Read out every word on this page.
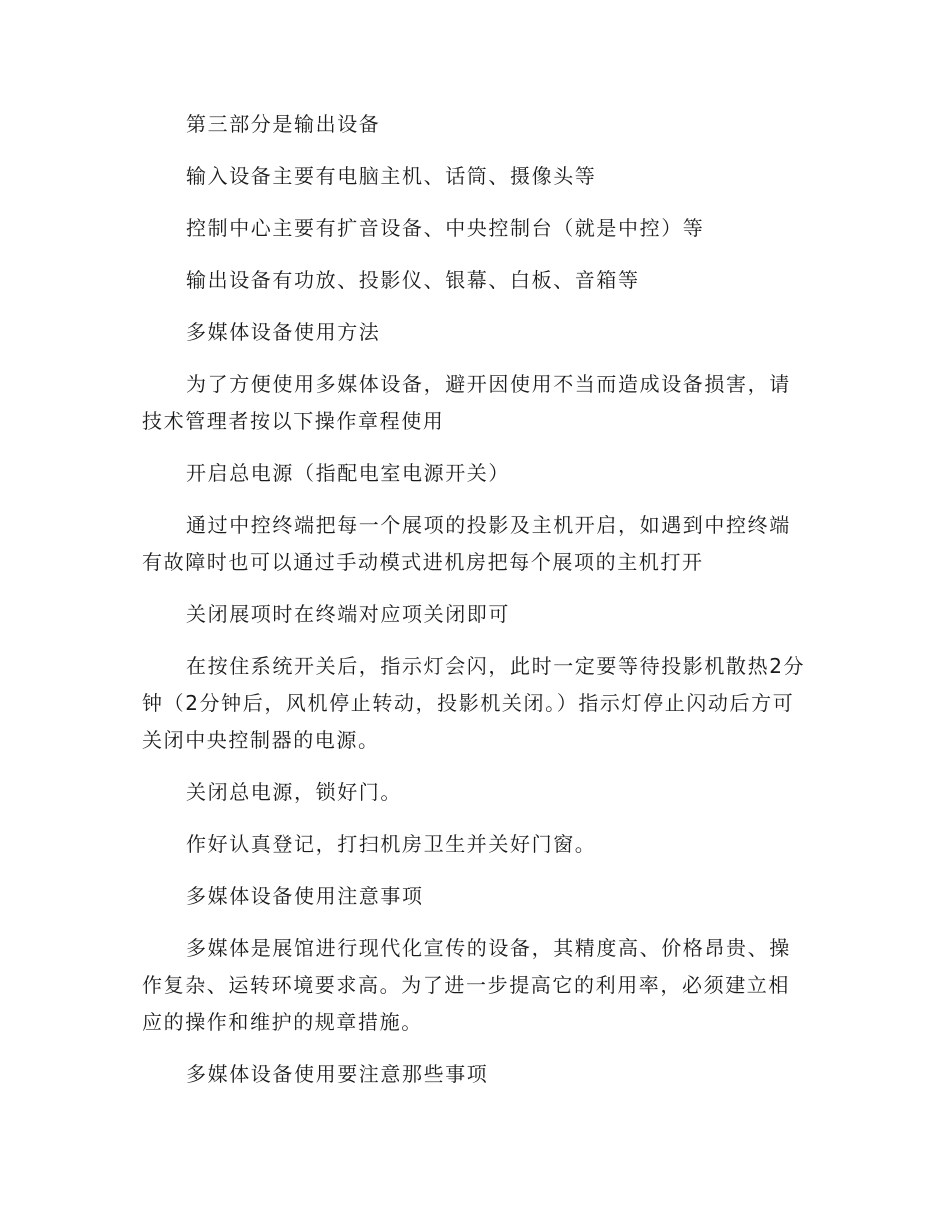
第三部分是输出设备

输入设备主要有电脑主机、话筒、摄像头等

控制中心主要有扩音设备、中央控制台（就是中控）等

输出设备有功放、投影仪、银幕、白板、音箱等

多媒体设备使用方法

为了方便使用多媒体设备，避开因使用不当而造成设备损害，请技术管理者按以下操作章程使用

开启总电源（指配电室电源开关）

通过中控终端把每一个展项的投影及主机开启，如遇到中控终端有故障时也可以通过手动模式进机房把每个展项的主机打开

关闭展项时在终端对应项关闭即可

在按住系统开关后，指示灯会闪，此时一定要等待投影机散热2分钟（2分钟后，风机停止转动，投影机关闭。）指示灯停止闪动后方可关闭中央控制器的电源。

关闭总电源，锁好门。

作好认真登记，打扫机房卫生并关好门窗。

多媒体设备使用注意事项

多媒体是展馆进行现代化宣传的设备，其精度高、价格昂贵、操作复杂、运转环境要求高。为了进一步提高它的利用率，必须建立相应的操作和维护的规章措施。

多媒体设备使用要注意那些事项
